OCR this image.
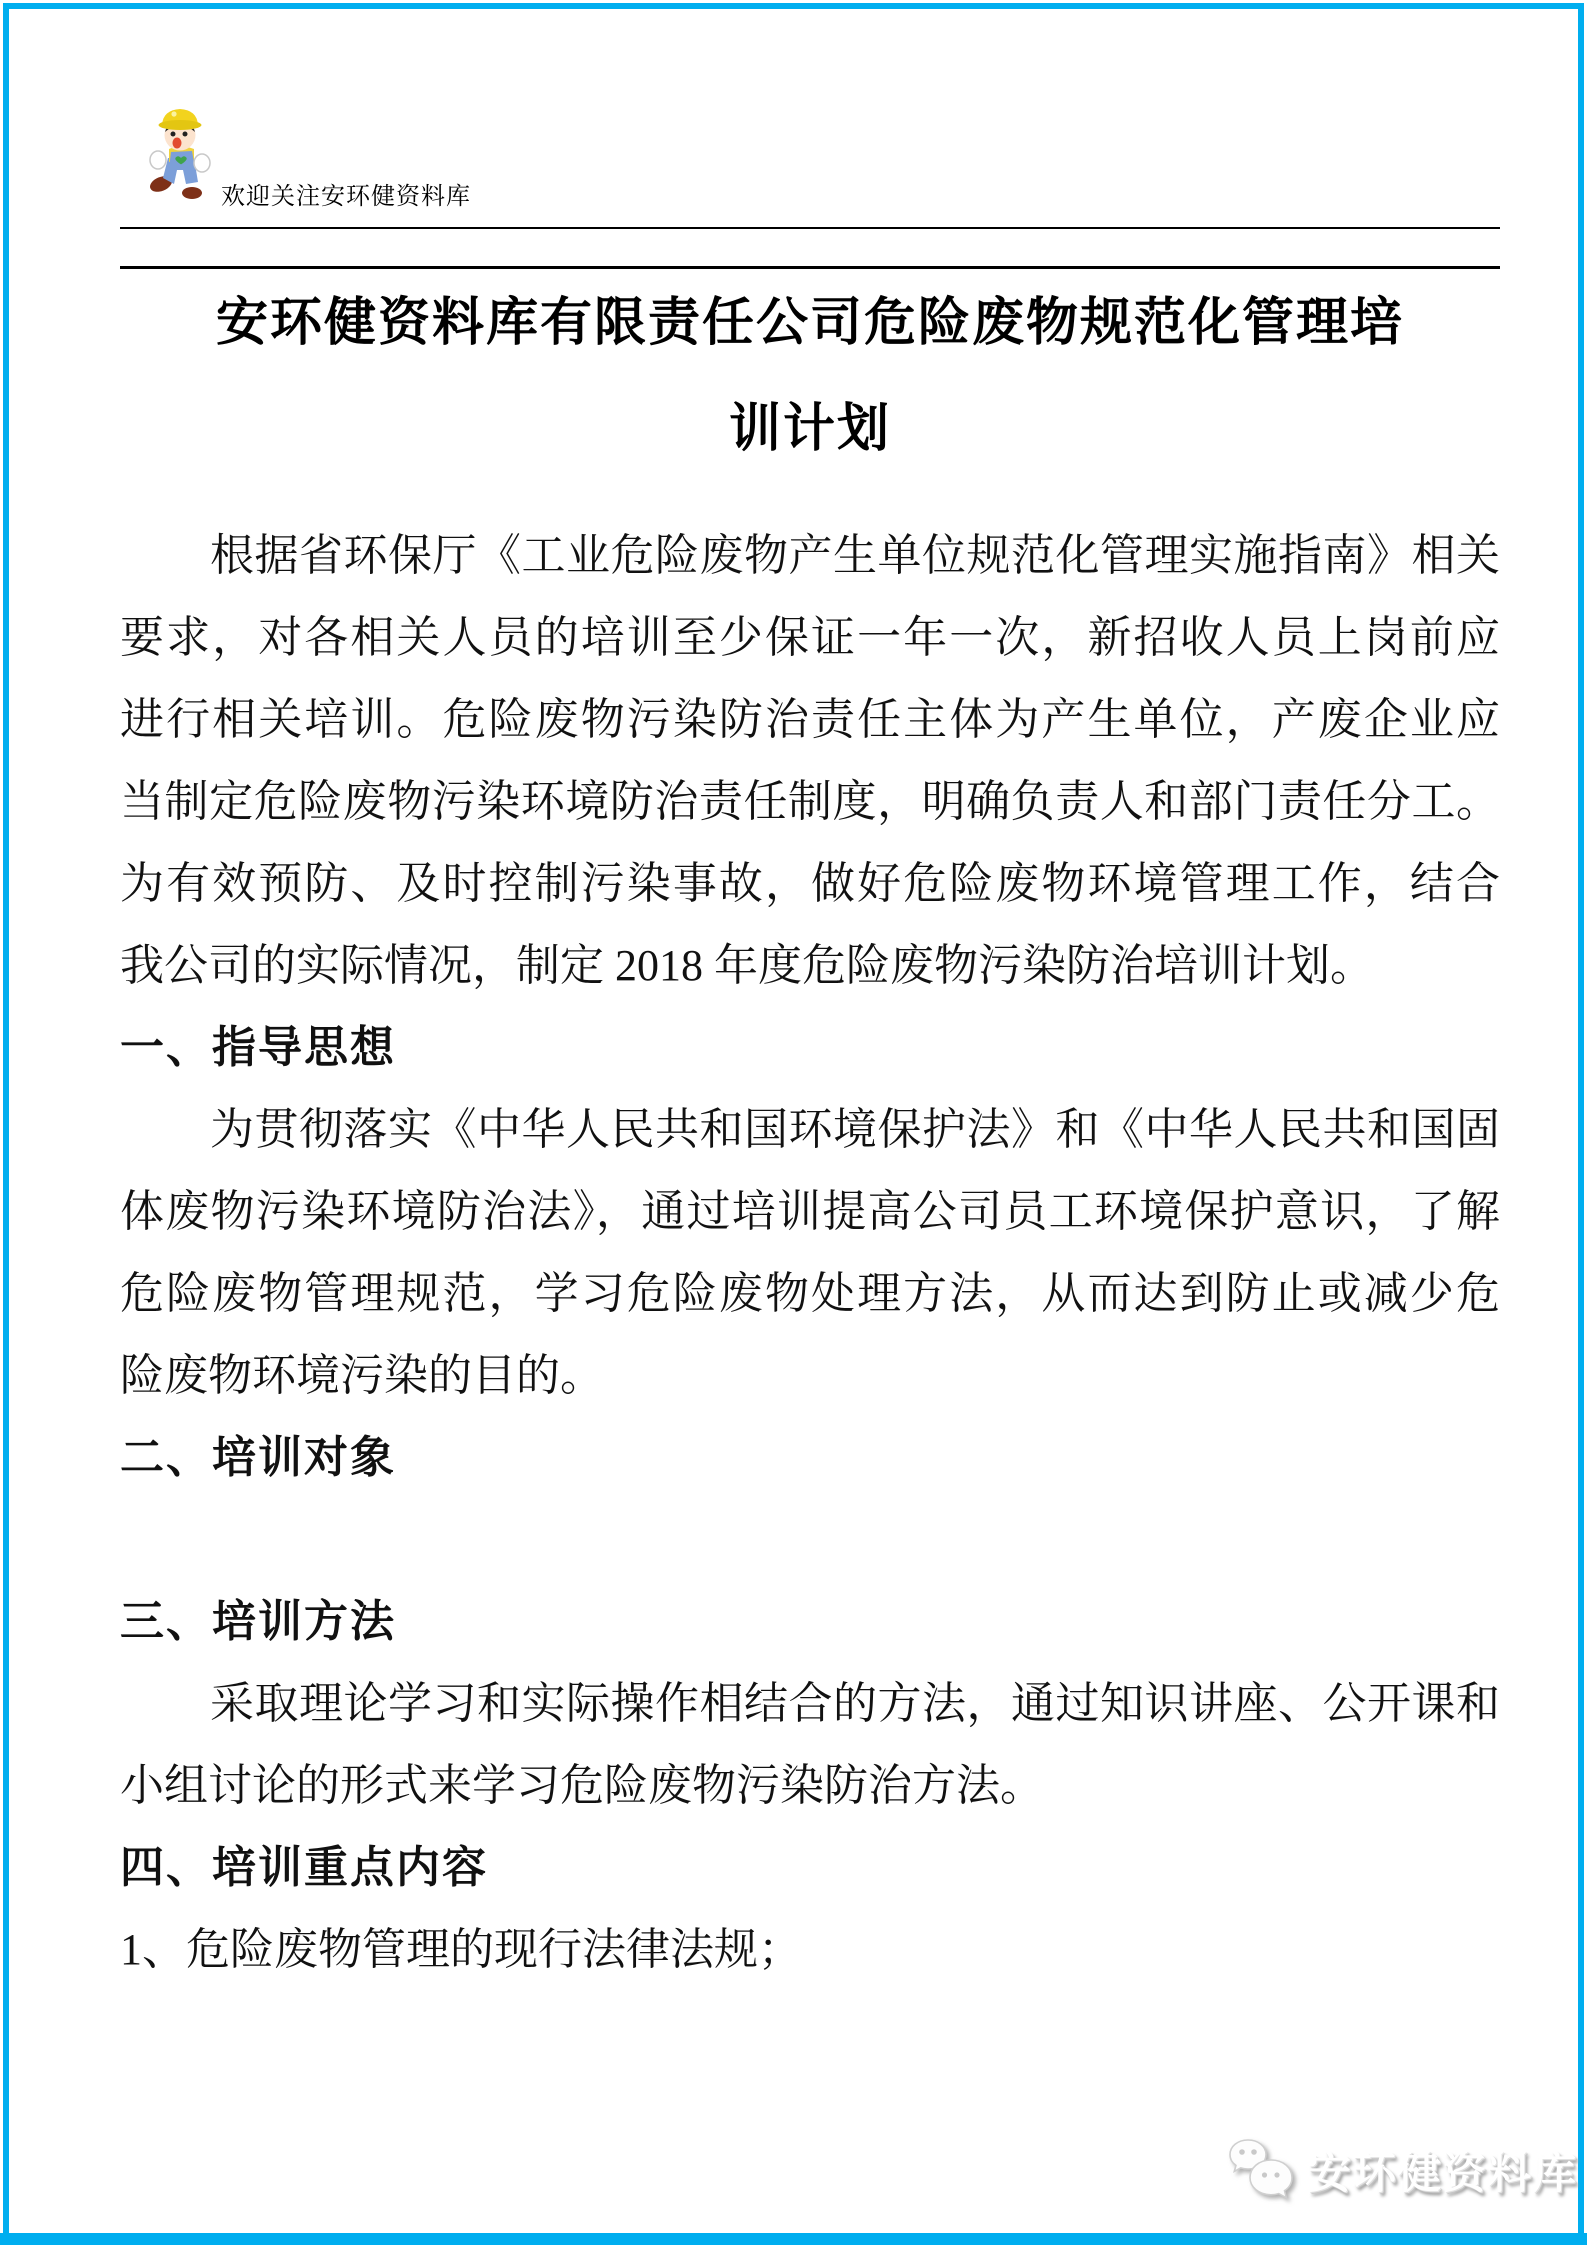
欢迎关注安环健资料库
安环健资料库有限责任公司危险废物规范化管理培
训计划
根据省环保厅《工业危险废物产生单位规范化管理实施指南》相关
要求，对各相关人员的培训至少保证一年一次，新招收人员上岗前应
进行相关培训。危险废物污染防治责任主体为产生单位，产废企业应
当制定危险废物污染环境防治责任制度，明确负责人和部门责任分工。
为有效预防、及时控制污染事故，做好危险废物环境管理工作，结合
我公司的实际情况，制定 2018 年度危险废物污染防治培训计划。
一、指导思想
为贯彻落实《中华人民共和国环境保护法》和《中华人民共和国固
体废物污染环境防治法》，通过培训提高公司员工环境保护意识，了解
危险废物管理规范，学习危险废物处理方法，从而达到防止或减少危
险废物环境污染的目的。
二、培训对象
三、培训方法
采取理论学习和实际操作相结合的方法，通过知识讲座、公开课和
小组讨论的形式来学习危险废物污染防治方法。
四、培训重点内容
1、危险废物管理的现行法律法规；
安环健资料库
